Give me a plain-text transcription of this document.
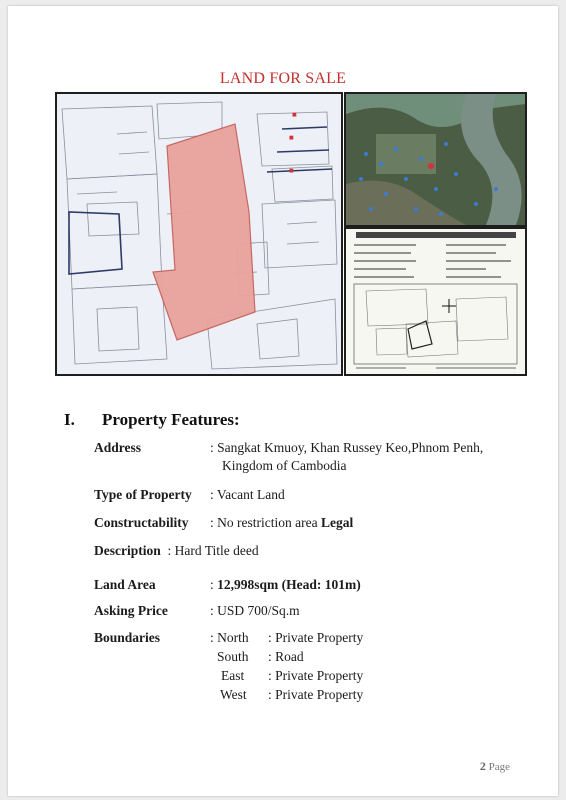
LAND FOR SALE
■
■
■
I. Property Features:
Address	: Sangkat Kmuoy, Khan Russey Keo,Phnom Penh,
Kingdom of Cambodia
Type of Property : Vacant Land
Constructability : No restriction area Legal
Description  : Hard Title deed
Land Area	: 12,998sqm (Head: 101m)
Asking Price	: USD 700/Sq.m
Boundaries	: North : Private Property
South : Road
East : Private Property
West : Private Property
2 Page
